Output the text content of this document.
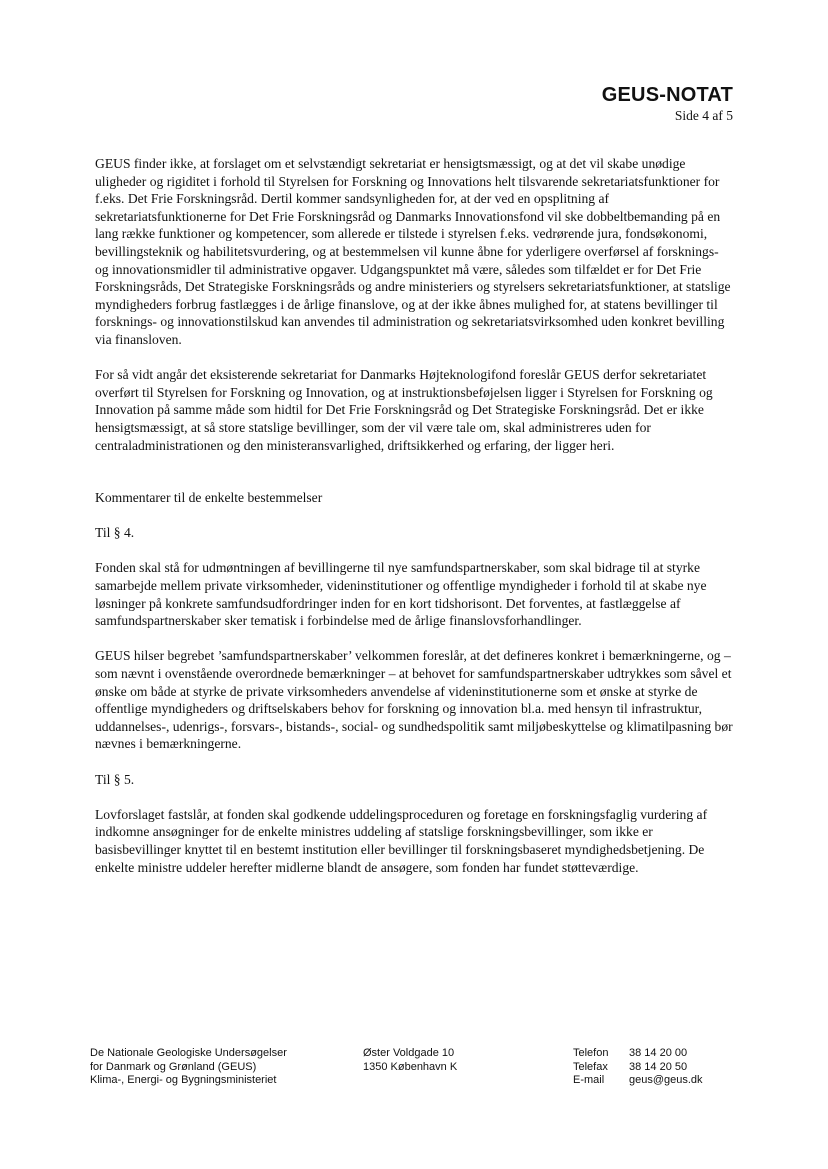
GEUS-NOTAT
Side 4 af 5

GEUS finder ikke, at forslaget om et selvstændigt sekretariat er hensigtsmæssigt, og at det vil skabe unødige uligheder og rigiditet i forhold til Styrelsen for Forskning og Innovations helt tilsvarende sekretariatsfunktioner for f.eks. Det Frie Forskningsråd. Dertil kommer sandsynligheden for, at der ved en opsplitning af sekretariatsfunktionerne for Det Frie Forskningsråd og Danmarks Innovationsfond vil ske dobbeltbemanding på en lang række funktioner og kompetencer, som allerede er tilstede i styrelsen f.eks. vedrørende jura, fondsøkonomi, bevillingsteknik og habilitetsvurdering, og at bestemmelsen vil kunne åbne for yderligere overførsel af forsknings- og innovationsmidler til administrative opgaver. Udgangspunktet må være, således som tilfældet er for Det Frie Forskningsråds, Det Strategiske Forskningsråds og andre ministeriers og styrelsers sekretariatsfunktioner, at statslige myndigheders forbrug fastlægges i de årlige finanslove, og at der ikke åbnes mulighed for, at statens bevillinger til forsknings- og innovationstilskud kan anvendes til administration og sekretariatsvirksomhed uden konkret bevilling via finansloven.

For så vidt angår det eksisterende sekretariat for Danmarks Højteknologifond foreslår GEUS derfor sekretariatet overført til Styrelsen for Forskning og Innovation, og at instruktionsbeføjelsen ligger i Styrelsen for Forskning og Innovation på samme måde som hidtil for Det Frie Forskningsråd og Det Strategiske Forskningsråd. Det er ikke hensigtsmæssigt, at så store statslige bevillinger, som der vil være tale om, skal administreres uden for centraladministrationen og den ministeransvarlighed, driftsikkerhed og erfaring, der ligger heri.

Kommentarer til de enkelte bestemmelser

Til § 4.

Fonden skal stå for udmøntningen af bevillingerne til nye samfundspartnerskaber, som skal bidrage til at styrke samarbejde mellem private virksomheder, videninstitutioner og offentlige myndigheder i forhold til at skabe nye løsninger på konkrete samfundsudfordringer inden for en kort tidshorisont. Det forventes, at fastlæggelse af samfundspartnerskaber sker tematisk i forbindelse med de årlige finanslovsforhandlinger.

GEUS hilser begrebet ’samfundspartnerskaber’ velkommen foreslår, at det defineres konkret i bemærkningerne, og – som nævnt i ovenstående overordnede bemærkninger – at behovet for samfundspartnerskaber udtrykkes som såvel et ønske om både at styrke de private virksomheders anvendelse af videninstitutionerne som et ønske at styrke de offentlige myndigheders og driftselskabers behov for forskning og innovation bl.a. med hensyn til infrastruktur, uddannelses-, udenrigs-, forsvars-, bistands-, social- og sundhedspolitik samt miljøbeskyttelse og klimatilpasning bør nævnes i bemærkningerne.

Til § 5.

Lovforslaget fastslår, at fonden skal godkende uddelingsproceduren og foretage en forskningsfaglig vurdering af indkomne ansøgninger for de enkelte ministres uddeling af statslige forskningsbevillinger, som ikke er basisbevillinger knyttet til en bestemt institution eller bevillinger til forskningsbaseret myndighedsbetjening. De enkelte ministre uddeler herefter midlerne blandt de ansøgere, som fonden har fundet støtteværdige.

De Nationale Geologiske Undersøgelser
for Danmark og Grønland (GEUS)
Klima-, Energi- og Bygningsministeriet
Øster Voldgade 10
1350 København K
Telefon	38 14 20 00
Telefax	38 14 20 50
E-mail	geus@geus.dk
